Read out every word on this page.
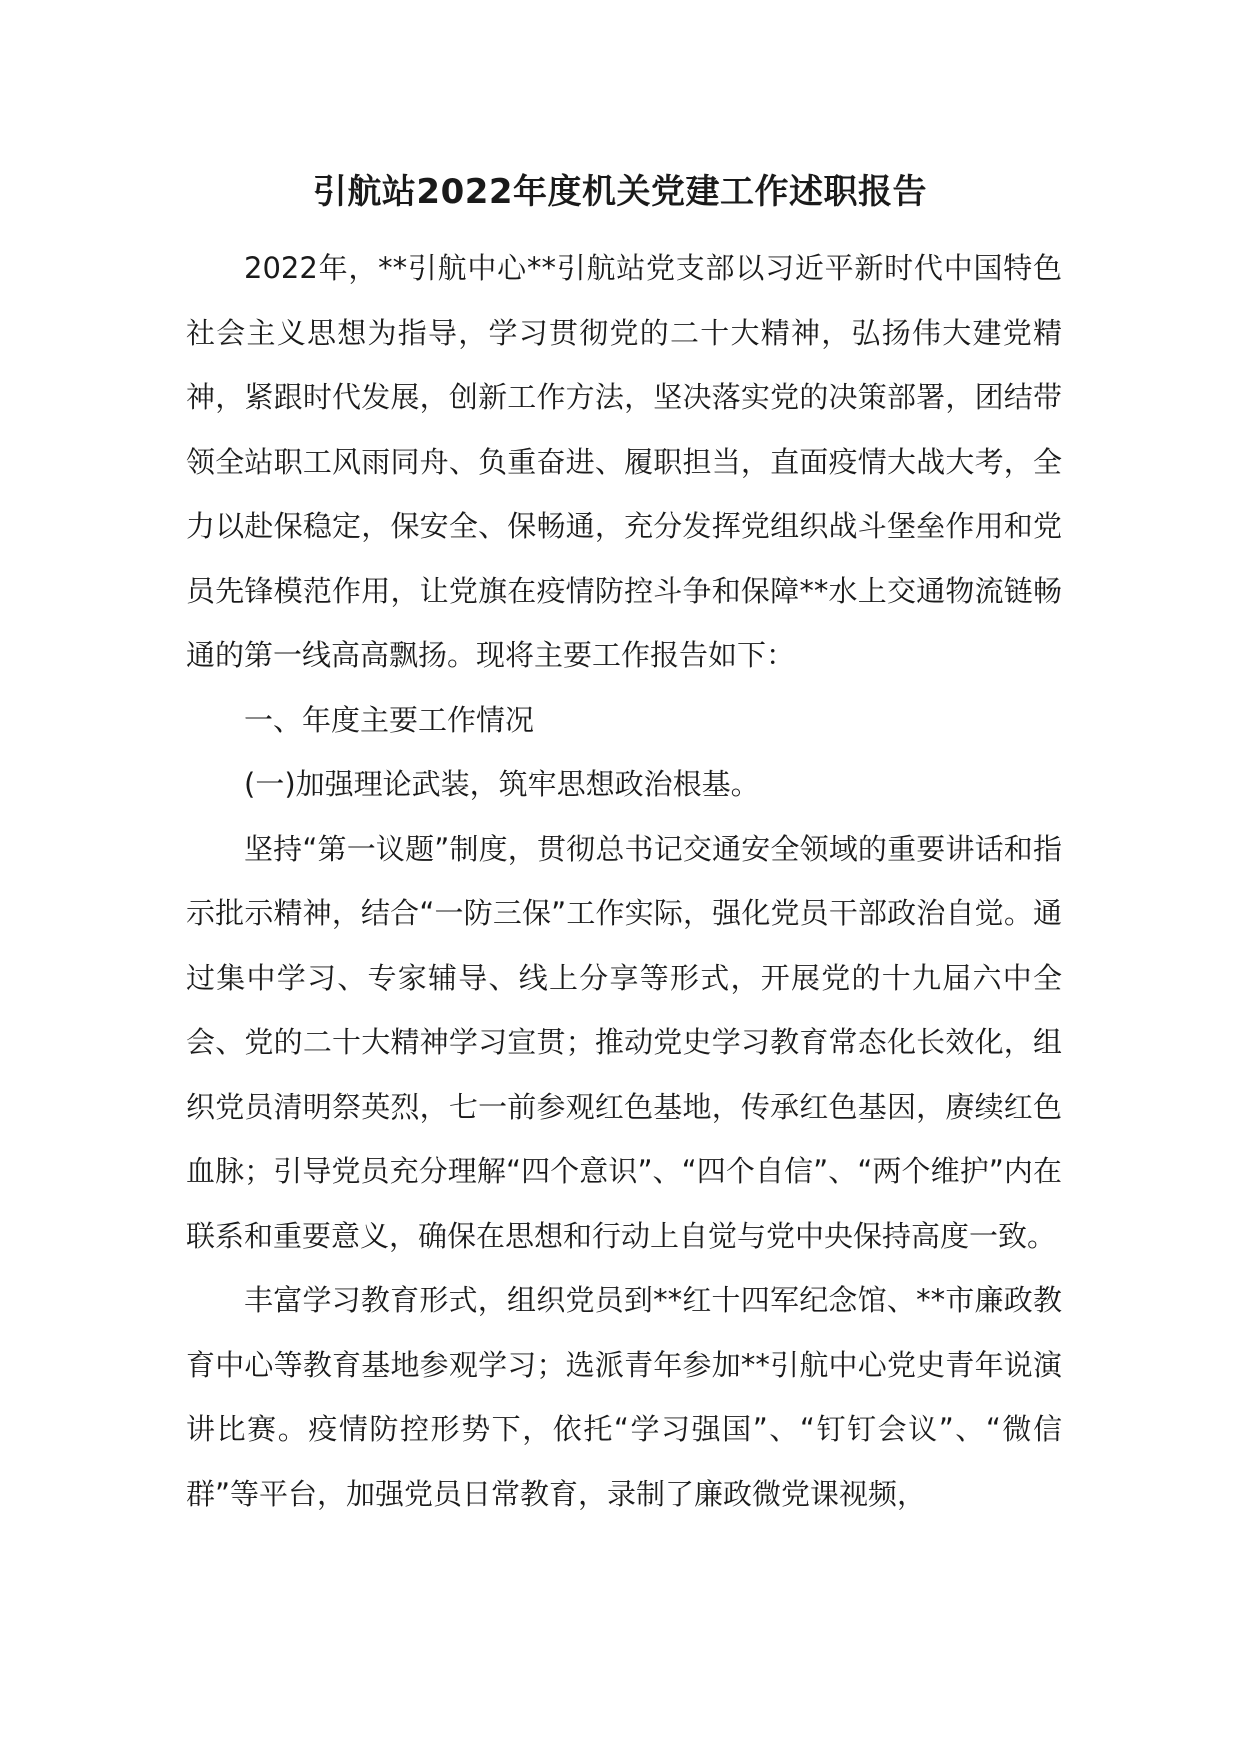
引航站2022年度机关党建工作述职报告

2022年，**引航中心**引航站党支部以习近平新时代中国特色社会主义思想为指导，学习贯彻党的二十大精神，弘扬伟大建党精神，紧跟时代发展，创新工作方法，坚决落实党的决策部署，团结带领全站职工风雨同舟、负重奋进、履职担当，直面疫情大战大考，全力以赴保稳定，保安全、保畅通，充分发挥党组织战斗堡垒作用和党员先锋模范作用，让党旗在疫情防控斗争和保障**水上交通物流链畅通的第一线高高飘扬。现将主要工作报告如下：

一、年度主要工作情况

(一)加强理论武装，筑牢思想政治根基。

坚持“第一议题”制度，贯彻总书记交通安全领域的重要讲话和指示批示精神，结合“一防三保”工作实际，强化党员干部政治自觉。通过集中学习、专家辅导、线上分享等形式，开展党的十九届六中全会、党的二十大精神学习宣贯；推动党史学习教育常态化长效化，组织党员清明祭英烈，七一前参观红色基地，传承红色基因，赓续红色血脉；引导党员充分理解“四个意识”、“四个自信”、“两个维护”内在联系和重要意义，确保在思想和行动上自觉与党中央保持高度一致。

丰富学习教育形式，组织党员到**红十四军纪念馆、**市廉政教育中心等教育基地参观学习；选派青年参加**引航中心党史青年说演讲比赛。疫情防控形势下，依托“学习强国”、“钉钉会议”、“微信群”等平台，加强党员日常教育，录制了廉政微党课视频，
